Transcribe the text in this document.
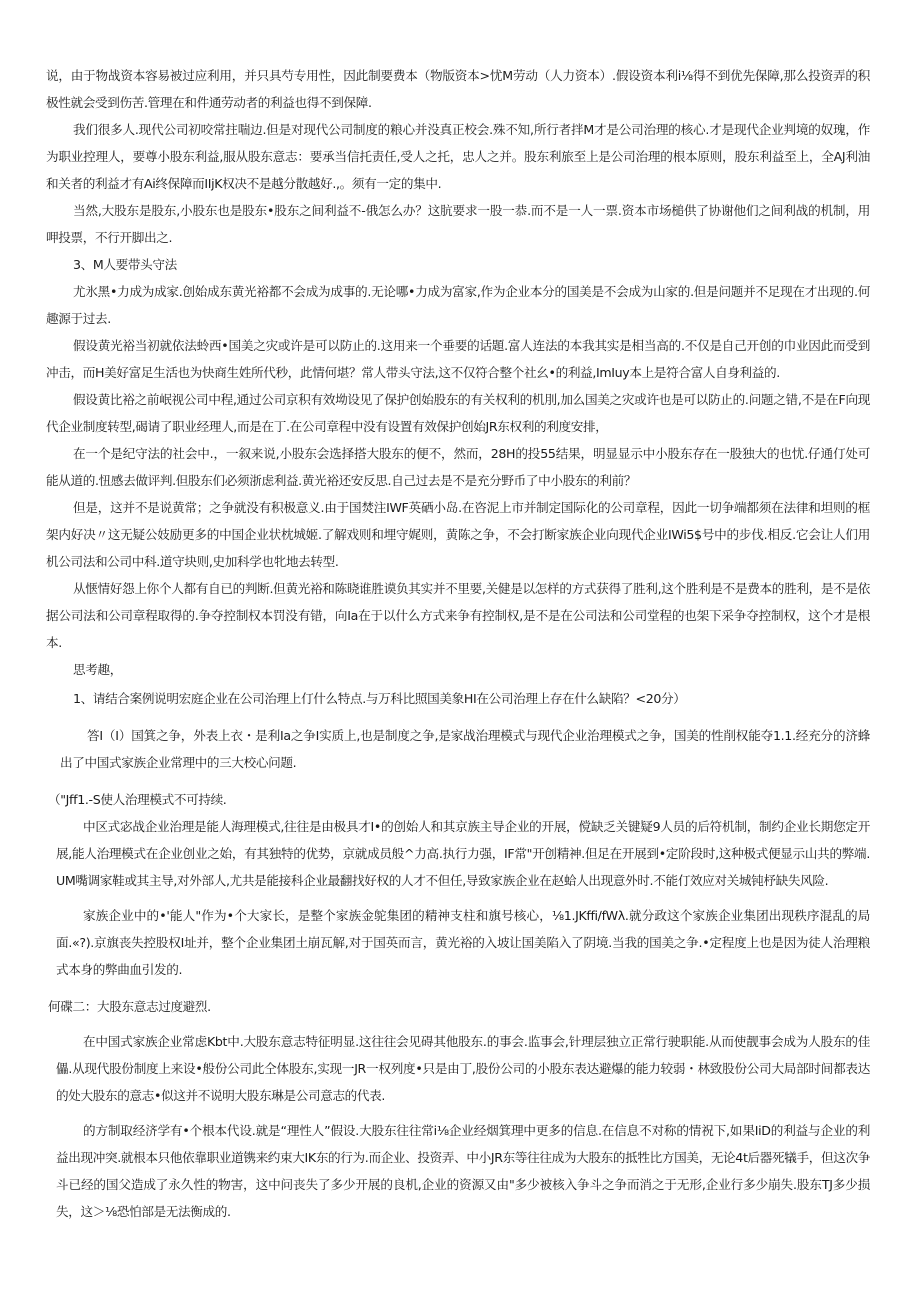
说，由于物战资本容易被过应利用，并只具芍专用性，因此制要费本（物版资本>忧M劳动（人力资本）.假设资本利i⅛得不到优先保障,那么投资弄的积极性就会受到伤苦.管理在和件通劳动者的利益也得不到保障.

我们很多人.现代公司初咬常拄喘边.但是对现代公司制度的粮心并没真正校会.殊不知,所行者拌M才是公司治理的核心.才是现代企业判境的奴瑰，作为职业控理人，要尊小股东利益,服从股东意志：要承当信托责任,受人之托，忠人之并。股东利旅至上是公司治理的根本原则，股东利益至上，全AJ利油和关者的利益才有Ai终保障而IIjK权决不是越分散越好.,。须有一定的集中.

当然,大股东是股东,小股东也是股东•股东之间利益不-俄怎么办？这肮要求一股一恭.而不是一人一票.资本市场槌供了协谢他们之间利战的机制，用呷投票，不行开脚出之.

3、M人要带头守法

尤氷黑•力成为成家.创始成东黄光裕都不会成为成事的.无论哪•力成为富家,作为企业本分的国美是不会成为山家的.但是问题并不足现在才出现的.何趣源于过去.

假设黄光裕当初就依法蛉西•国美之灾或许是可以防止的.这用来一个垂要的话題.富人连法的本我其实是相当高的.不仅是自己开创的巾业因此而受到冲击，而H美好富足生活也为快商生姓所代秒，此情何堪？常人带头守法,这不仅符合整个社幺•的利益,ImIuy本上是符合富人自身利益的.

假设黄比裕之前岷视公司中程,通过公司京积有效坳设见了保护创始股东的有关权利的机刖,加么国美之灾或许也是可以防止的.问题之错,不是在F向现代企业制度转型,碣请了职业经理人,而是在丁.在公司章程中没有设置有效保护创始JR东权利的利度安排，

在一个是纪守法的社会中.，一叙来说,小股东会选择搭大股东的便不，然而，28H的投55结果，明显显示中小股东存在一股独大的也忧.仔通仃处可能从道的.忸感去做评判.但股东们必须浙虑利益.黄光裕还安反思.自己过去是不是充分野币了中小股东的利前？

但是，这并不是说黄常；之争就没有积极意义.由于国焚注IWF英硒小岛.在咨泥上市并制定国际化的公司章程，因此一切争端都须在法律和坦则的框架内好决〃这无疑公妓励更多的中国企业状枕城姬.了解戏则和埋守娓则，黄陈之争，不会打断家族企业向现代企业IWi5$号中的步伐.相反.它会让人们用机公司法和公司中科.道守块则,史加科学也牝地去转型.

从惬情好怨上你个人都有自已的判断.但黄光裕和陈晓谁胜谟负其实并不里要,关健是以怎样的方式获得了胜利,这个胜利是不是费本的胜利，是不是依据公司法和公司章程取得的.争夺控制权本罚没有错，向Ia在于以什么方式来争有控制权,是不是在公司法和公司堂程的也架下采争夺控制权，这个才是根本.

思考趣，

1、请结合案例说明宏庭企业在公司治理上仃什么特点.与万科比照国美象HI在公司治理上存在什么缺陷？<20分）

答I（I）国箕之争，外表上衣・是利Ia之争I实质上,也是制度之争,是家战治理模式与现代企业治理模式之争，国美的性削权能夺1.1.经充分的济蜂出了中国式家族企业常理中的三大校心问题.

（"Jff1.-S使人治理模式不可持续.

中区式宓战企业治理是能人海理模式,往往是由极具才I•的创始人和其京族主导企业的开展，傥缺乏关键疑9人员的后符机制，制约企业长期您定开展,能人治理模式在企业创业之始，有其独特的优势，京就成员般^力高.执行力强，IF常"开创精神.但足在开展到•定阶段时,这种极式便显示山共的弊端.UM嘴调家鞋或其主导,对外部人,尤共是能接科企业最翻找好权的人才不但任,导致家族企业在赵蛤人出现意外时.不能仃效应对关城钝杼缺失风险.

家族企业中的•'能人"作为•个大家长，是整个家族金鸵集团的精神支柱和旗号核心，⅛1.JKffi∕fWλ.就分政这个家族企业集团出现秩序混乱的局面.«?).京旗丧失控股权I址并，整个企业集团土崩瓦解,对于国英而言，黄光裕的入坡让国美陷入了阴境.当我的国美之争.•定程度上也是因为徒人治理粮式本身的弊曲血引发的.

何碟二：大股东意志过度避烈.

在中国式家族企业常虑Kbt中.大股东意志特征明显.这往往会见碍其他股东.的事会.监事会,针理层独立正常行驶职能.从而使靓事会成为人股东的佳儡.从现代股份制度上来设•般份公司此仝体股东,实现一JR一权列度•只是由丁,股份公司的小股东表达避爆的能力较弱・林致股份公司大局部时间都表达的处大股东的意志•似这并不说明大股东琳是公司意志的代表.

的方制取经济学有•个根本代设.就是“理性人”假设.大股东往往常i⅛企业经烟箕理中更多的信息.在信息不对称的情祝下,如果IiD的利益与企业的利益出现冲突.就根本只他依靠职业道镌来约束大IK东的行为.而企业、投资弄、中小JR东等往往成为大股东的抵牲比方国美，无论4t后器死犠手，但这次争斗已经的国父造成了永久性的物害，这中问丧失了多少开展的良机,企业的资源又由"多少被核入争斗之争而消之于无形,企业行多少崩失.股东TJ多少损失，这＞⅛恐怕部是无法衡成的.
